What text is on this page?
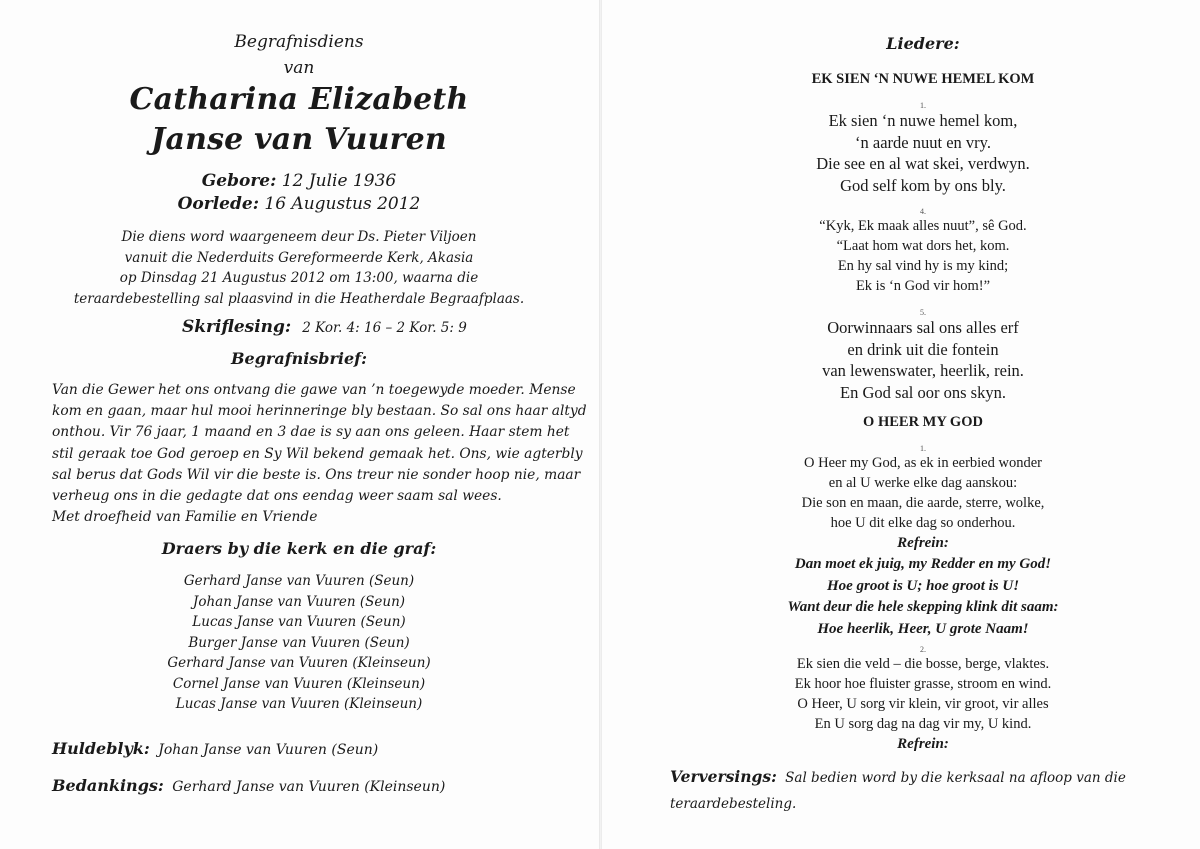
Begrafnisdiens
van
Catharina Elizabeth
Janse van Vuuren
Gebore: 12 Julie 1936
Oorlede: 16 Augustus 2012
Die diens word waargeneem deur Ds. Pieter Viljoen
vanuit die Nederduits Gereformeerde Kerk, Akasia
op Dinsdag 21 Augustus 2012 om 13:00, waarna die
teraardebestelling sal plaasvind in die Heatherdale Begraafplaas.
Skriflesing: 2 Kor. 4: 16 – 2 Kor. 5: 9
Begrafnisbrief:
Van die Gewer het ons ontvang die gawe van ’n toegewyde moeder. Mense
kom en gaan, maar hul mooi herinneringe bly bestaan. So sal ons haar altyd
onthou. Vir 76 jaar, 1 maand en 3 dae is sy aan ons geleen. Haar stem het
stil geraak toe God geroep en Sy Wil bekend gemaak het. Ons, wie agterbly
sal berus dat Gods Wil vir die beste is. Ons treur nie sonder hoop nie, maar
verheug ons in die gedagte dat ons eendag weer saam sal wees.
Met droefheid van Familie en Vriende
Draers by die kerk en die graf:
Gerhard Janse van Vuuren (Seun)
Johan Janse van Vuuren (Seun)
Lucas Janse van Vuuren (Seun)
Burger Janse van Vuuren (Seun)
Gerhard Janse van Vuuren (Kleinseun)
Cornel Janse van Vuuren (Kleinseun)
Lucas Janse van Vuuren (Kleinseun)
Huldeblyk: Johan Janse van Vuuren (Seun)
Bedankings: Gerhard Janse van Vuuren (Kleinseun)
Liedere:
EK SIEN ‘N NUWE HEMEL KOM
1.
Ek sien ‘n nuwe hemel kom,
‘n aarde nuut en vry.
Die see en al wat skei, verdwyn.
God self kom by ons bly.
4.
“Kyk, Ek maak alles nuut”, sê God.
“Laat hom wat dors het, kom.
En hy sal vind hy is my kind;
Ek is ‘n God vir hom!”
5.
Oorwinnaars sal ons alles erf
en drink uit die fontein
van lewenswater, heerlik, rein.
En God sal oor ons skyn.
O HEER MY GOD
1.
O Heer my God, as ek in eerbied wonder
en al U werke elke dag aanskou:
Die son en maan, die aarde, sterre, wolke,
hoe U dit elke dag so onderhou.
Refrein:
Dan moet ek juig, my Redder en my God!
Hoe groot is U; hoe groot is U!
Want deur die hele skepping klink dit saam:
Hoe heerlik, Heer, U grote Naam!
2.
Ek sien die veld – die bosse, berge, vlaktes.
Ek hoor hoe fluister grasse, stroom en wind.
O Heer, U sorg vir klein, vir groot, vir alles
En U sorg dag na dag vir my, U kind.
Refrein:
Verversings: Sal bedien word by die kerksaal na afloop van die
teraardebesteling.
